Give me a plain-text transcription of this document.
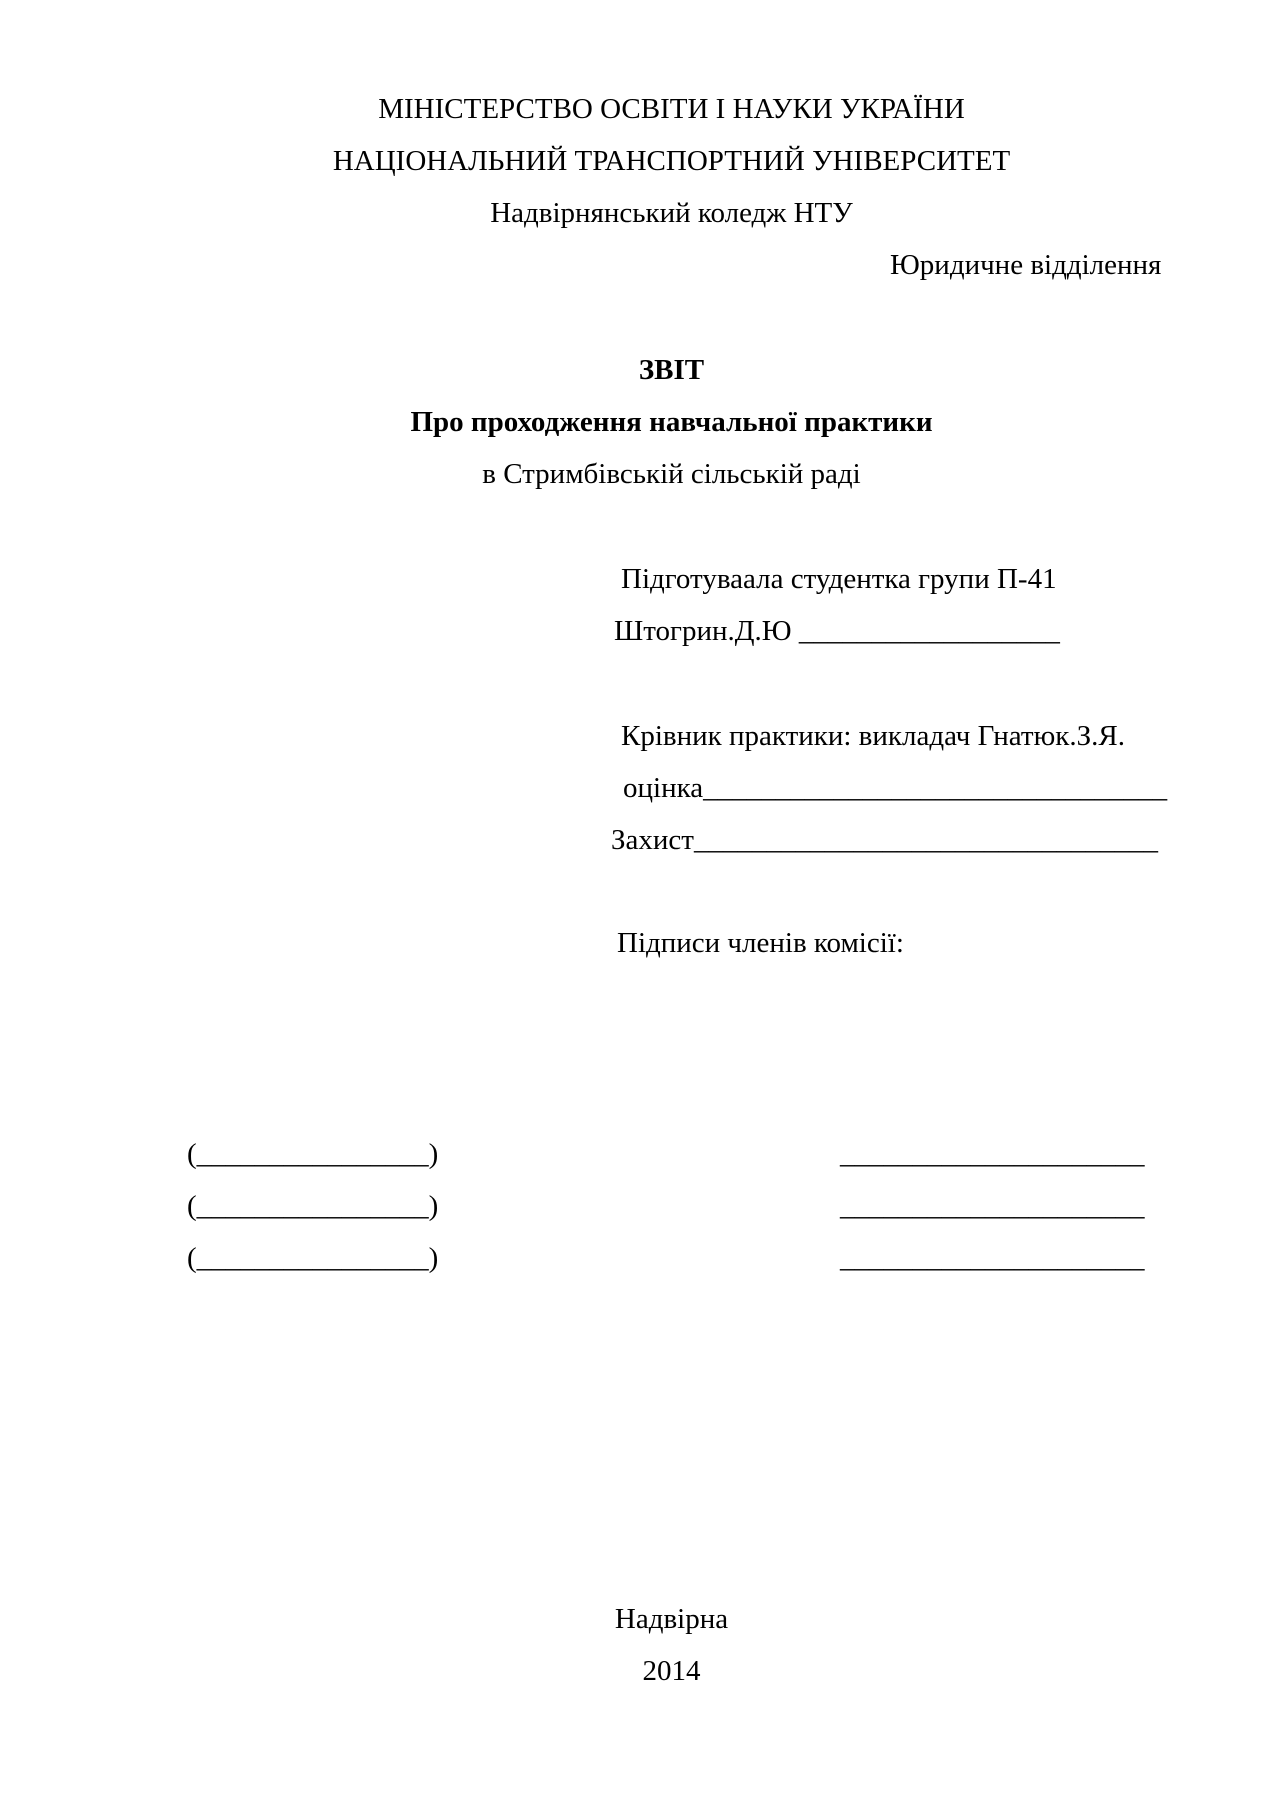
МІНІСТЕРСТВО ОСВІТИ І НАУКИ УКРАЇНИ
НАЦІОНАЛЬНИЙ ТРАНСПОРТНИЙ УНІВЕРСИТЕТ
Надвірнянський коледж НТУ
Юридичне відділення
ЗВІТ
Про проходження навчальної практики
в Стримбівській сільській раді
Підготуваала студентка групи П-41
Штогрин.Д.Ю __________________
Крівник практики: викладач Гнатюк.З.Я.
оцінка________________________________
Захист________________________________
Підписи членів комісії:
(________________)
(________________)
(________________)
_____________________
_____________________
_____________________
Надвірна
2014
